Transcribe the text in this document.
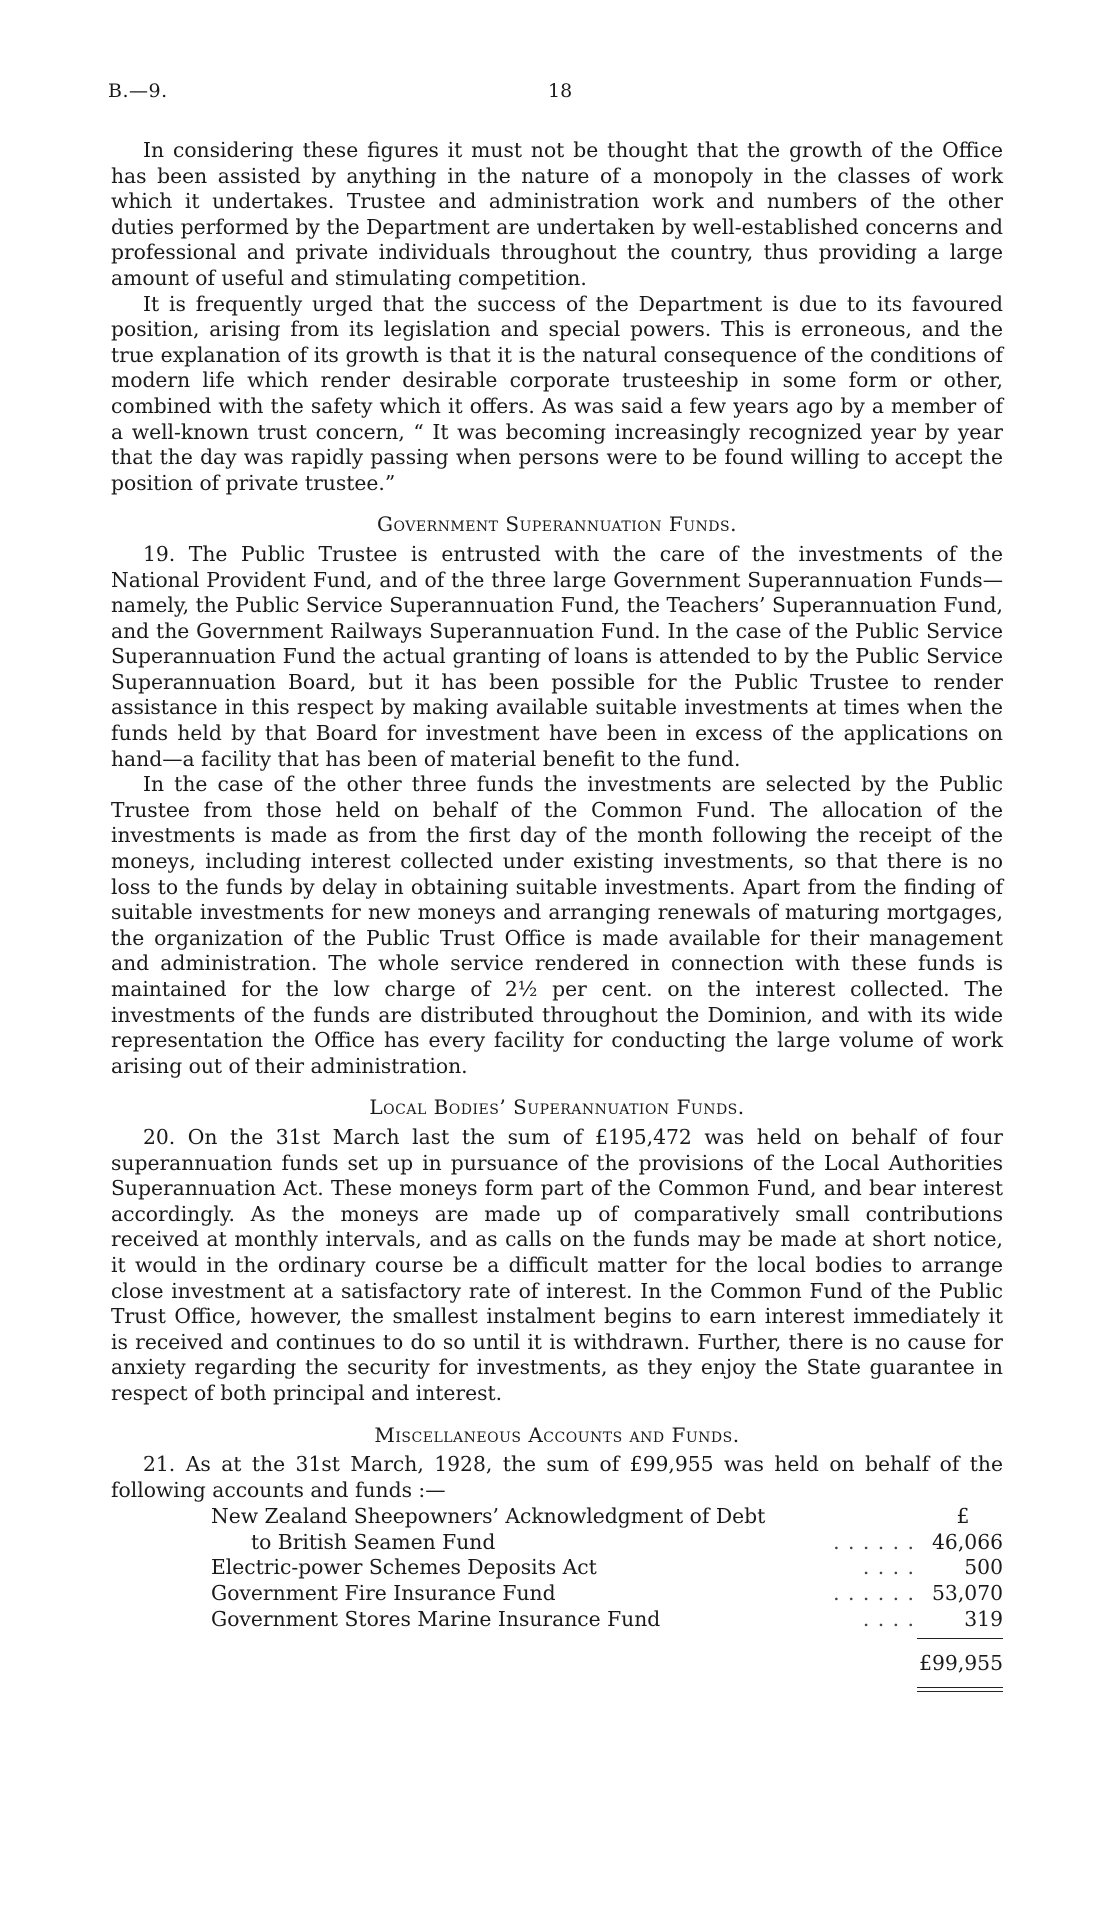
B.—9.	18

In considering these figures it must not be thought that the growth of the Office has been assisted by anything in the nature of a monopoly in the classes of work which it undertakes. Trustee and administration work and numbers of the other duties performed by the Department are undertaken by well-established concerns and professional and private individuals throughout the country, thus providing a large amount of useful and stimulating competition.

It is frequently urged that the success of the Department is due to its favoured position, arising from its legislation and special powers. This is erroneous, and the true explanation of its growth is that it is the natural consequence of the conditions of modern life which render desirable corporate trusteeship in some form or other, combined with the safety which it offers. As was said a few years ago by a member of a well-known trust concern, “ It was becoming increasingly recognized year by year that the day was rapidly passing when persons were to be found willing to accept the position of private trustee.”

Government Superannuation Funds.

19. The Public Trustee is entrusted with the care of the investments of the National Provident Fund, and of the three large Government Superannuation Funds—namely, the Public Service Superannuation Fund, the Teachers’ Superannuation Fund, and the Government Railways Superannuation Fund. In the case of the Public Service Superannuation Fund the actual granting of loans is attended to by the Public Service Superannuation Board, but it has been possible for the Public Trustee to render assistance in this respect by making available suitable investments at times when the funds held by that Board for investment have been in excess of the applications on hand—a facility that has been of material benefit to the fund.

In the case of the other three funds the investments are selected by the Public Trustee from those held on behalf of the Common Fund. The allocation of the investments is made as from the first day of the month following the receipt of the moneys, including interest collected under existing investments, so that there is no loss to the funds by delay in obtaining suitable investments. Apart from the finding of suitable investments for new moneys and arranging renewals of maturing mortgages, the organization of the Public Trust Office is made available for their management and administration. The whole service rendered in connection with these funds is maintained for the low charge of 2½ per cent. on the interest collected. The investments of the funds are distributed throughout the Dominion, and with its wide representation the Office has every facility for conducting the large volume of work arising out of their administration.

Local Bodies’ Superannuation Funds.

20. On the 31st March last the sum of £195,472 was held on behalf of four superannuation funds set up in pursuance of the provisions of the Local Authorities Superannuation Act. These moneys form part of the Common Fund, and bear interest accordingly. As the moneys are made up of comparatively small contributions received at monthly intervals, and as calls on the funds may be made at short notice, it would in the ordinary course be a difficult matter for the local bodies to arrange close investment at a satisfactory rate of interest. In the Common Fund of the Public Trust Office, however, the smallest instalment begins to earn interest immediately it is received and continues to do so until it is withdrawn. Further, there is no cause for anxiety regarding the security for investments, as they enjoy the State guarantee in respect of both principal and interest.

Miscellaneous Accounts and Funds.

21. As at the 31st March, 1928, the sum of £99,955 was held on behalf of the following accounts and funds :—

New Zealand Sheepowners’ Acknowledgment of Debt	£
to British Seamen Fund	. . . . . . 46,066
Electric-power Schemes Deposits Act	. . . .	500
Government Fire Insurance Fund	. . . . . . 53,070
Government Stores Marine Insurance Fund	. . . .	319
£99,955
